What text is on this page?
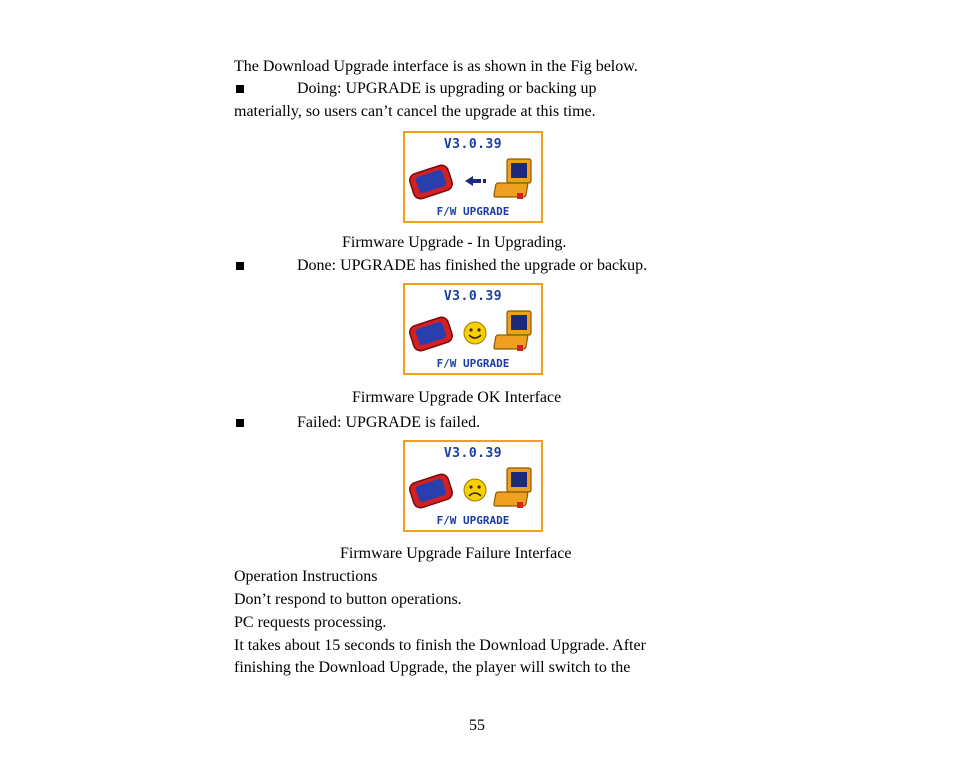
The Download Upgrade interface is as shown in the Fig below.
Doing: UPGRADE is upgrading or backing up
materially, so users can’t cancel the upgrade at this time.
V3.0.39
F/W UPGRADE
Firmware Upgrade - In Upgrading.
Done: UPGRADE has finished the upgrade or backup.
V3.0.39
F/W UPGRADE
Firmware Upgrade OK Interface
Failed: UPGRADE is failed.
V3.0.39
F/W UPGRADE
Firmware Upgrade Failure Interface
Operation Instructions
Don’t respond to button operations.
PC requests processing.
It takes about 15 seconds to finish the Download Upgrade. After
finishing the Download Upgrade, the player will switch to the
55
